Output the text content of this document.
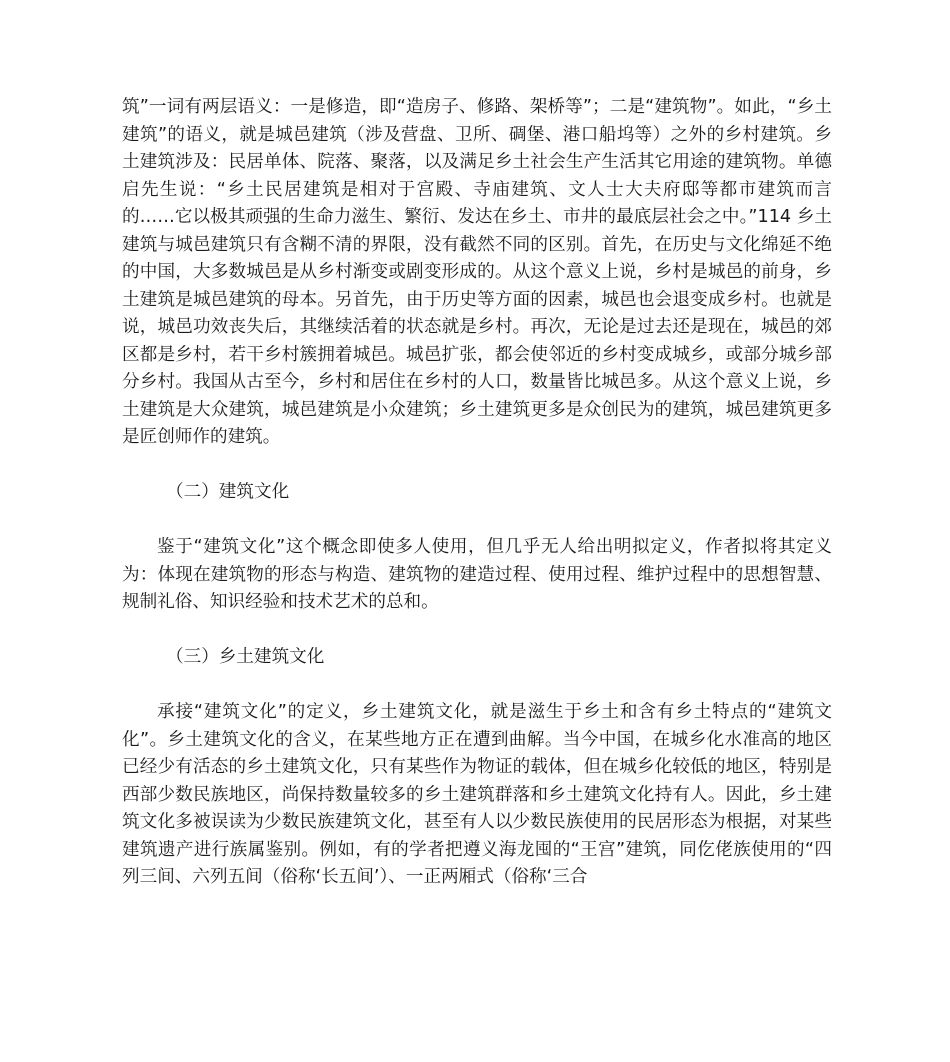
筑”一词有两层语义：一是修造，即“造房子、修路、架桥等”；二是“建筑物”。如此，“乡土建筑”的语义，就是城邑建筑（涉及营盘、卫所、碉堡、港口船坞等）之外的乡村建筑。乡土建筑涉及：民居单体、院落、聚落，以及满足乡土社会生产生活其它用途的建筑物。单德启先生说：“乡土民居建筑是相对于宫殿、寺庙建筑、文人士大夫府邸等都市建筑而言的……它以极其顽强的生命力滋生、繁衍、发达在乡土、市井的最底层社会之中。”114 乡土建筑与城邑建筑只有含糊不清的界限，没有截然不同的区别。首先，在历史与文化绵延不绝的中国，大多数城邑是从乡村渐变或剧变形成的。从这个意义上说，乡村是城邑的前身，乡土建筑是城邑建筑的母本。另首先，由于历史等方面的因素，城邑也会退变成乡村。也就是说，城邑功效丧失后，其继续活着的状态就是乡村。再次，无论是过去还是现在，城邑的郊区都是乡村，若干乡村簇拥着城邑。城邑扩张，都会使邻近的乡村变成城乡，或部分城乡部分乡村。我国从古至今，乡村和居住在乡村的人口，数量皆比城邑多。从这个意义上说，乡土建筑是大众建筑，城邑建筑是小众建筑；乡土建筑更多是众创民为的建筑，城邑建筑更多是匠创师作的建筑。

（二）建筑文化

鉴于“建筑文化”这个概念即使多人使用，但几乎无人给出明拟定义，作者拟将其定义为：体现在建筑物的形态与构造、建筑物的建造过程、使用过程、维护过程中的思想智慧、规制礼俗、知识经验和技术艺术的总和。

（三）乡土建筑文化

承接“建筑文化”的定义，乡土建筑文化，就是滋生于乡土和含有乡土特点的“建筑文化”。乡土建筑文化的含义，在某些地方正在遭到曲解。当今中国，在城乡化水准高的地区已经少有活态的乡土建筑文化，只有某些作为物证的载体，但在城乡化较低的地区，特别是西部少数民族地区，尚保持数量较多的乡土建筑群落和乡土建筑文化持有人。因此，乡土建筑文化多被误读为少数民族建筑文化，甚至有人以少数民族使用的民居形态为根据，对某些建筑遗产进行族属鉴别。例如，有的学者把遵义海龙囤的“王宫”建筑，同仡佬族使用的“四列三间、六列五间（俗称‘长五间’）、一正两厢式（俗称‘三合
